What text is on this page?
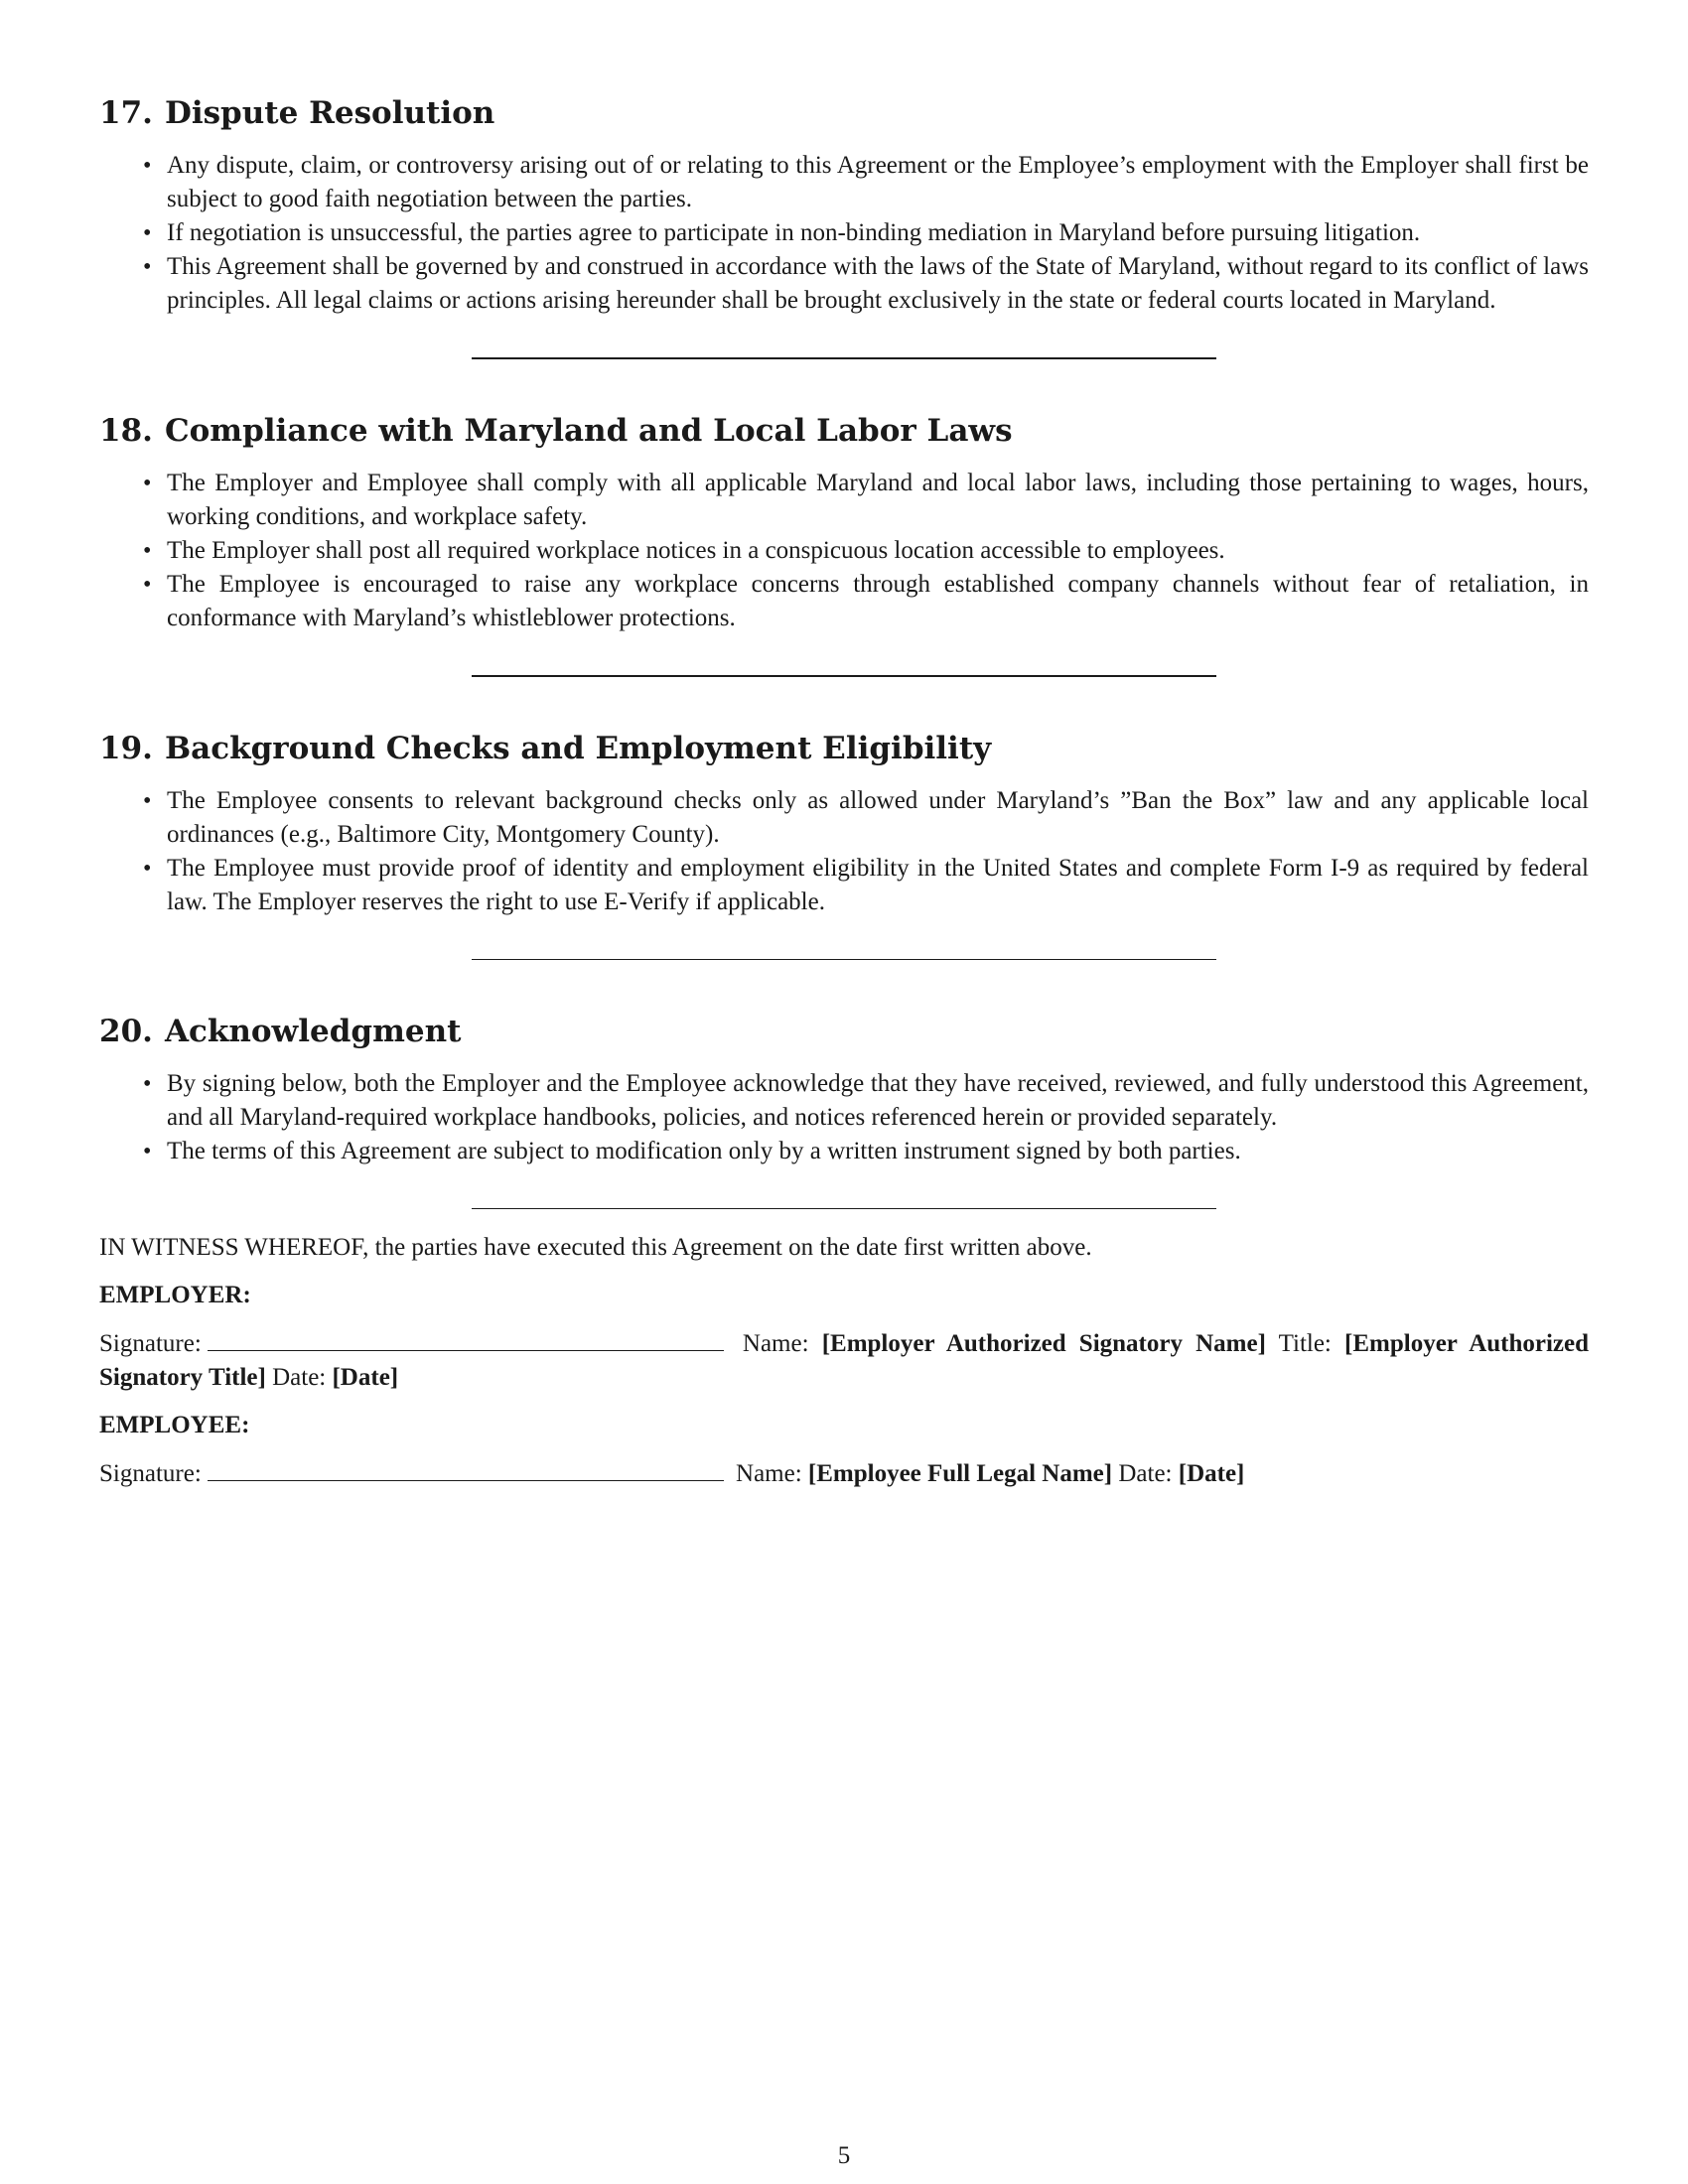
17. Dispute Resolution
• Any dispute, claim, or controversy arising out of or relating to this Agreement or the Employee’s employment with the Employer shall first be subject to good faith negotiation between the parties.
• If negotiation is unsuccessful, the parties agree to participate in non-binding mediation in Maryland before pursuing litigation.
• This Agreement shall be governed by and construed in accordance with the laws of the State of Maryland, without regard to its conflict of laws principles. All legal claims or actions arising hereunder shall be brought exclusively in the state or federal courts located in Maryland.
18. Compliance with Maryland and Local Labor Laws
• The Employer and Employee shall comply with all applicable Maryland and local labor laws, including those pertaining to wages, hours, working conditions, and workplace safety.
• The Employer shall post all required workplace notices in a conspicuous location accessible to employees.
• The Employee is encouraged to raise any workplace concerns through established company channels without fear of retaliation, in conformance with Maryland’s whistleblower protections.
19. Background Checks and Employment Eligibility
• The Employee consents to relevant background checks only as allowed under Maryland’s ”Ban the Box” law and any applicable local ordinances (e.g., Baltimore City, Montgomery County).
• The Employee must provide proof of identity and employment eligibility in the United States and complete Form I-9 as required by federal law. The Employer reserves the right to use E-Verify if applicable.
20. Acknowledgment
• By signing below, both the Employer and the Employee acknowledge that they have received, reviewed, and fully understood this Agreement, and all Maryland-required workplace handbooks, policies, and notices referenced herein or provided separately.
• The terms of this Agreement are subject to modification only by a written instrument signed by both parties.
IN WITNESS WHEREOF, the parties have executed this Agreement on the date first written above.
EMPLOYER:
Signature:	Name: [Employer Authorized Signatory Name] Title: [Employer Authorized Signatory Title] Date: [Date]
EMPLOYEE:
Signature:	Name: [Employee Full Legal Name] Date: [Date]
5
